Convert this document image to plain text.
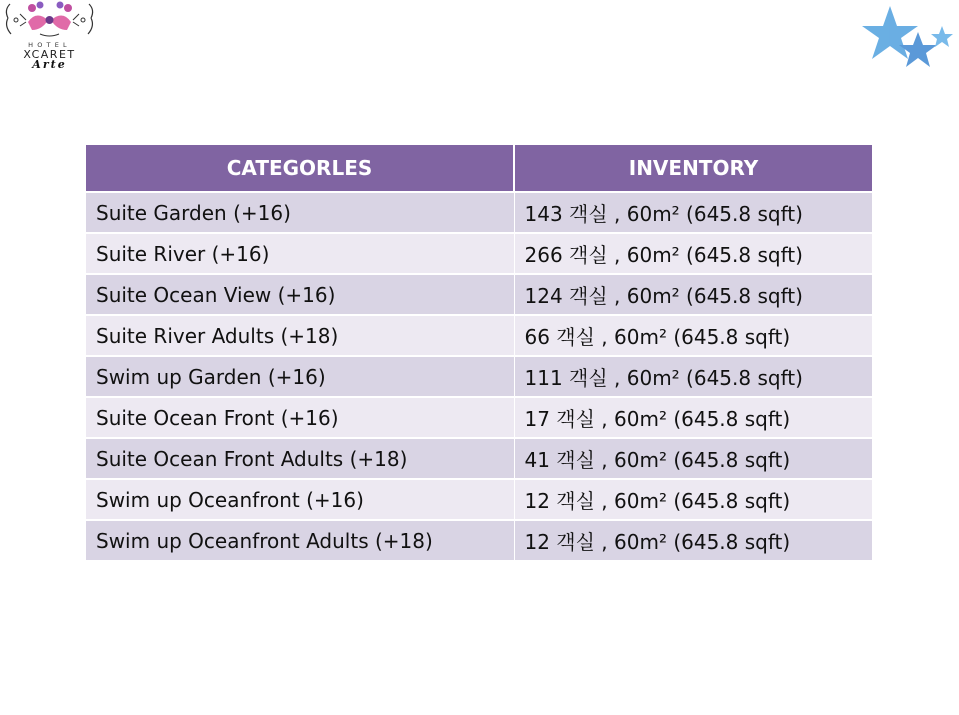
HOTEL
XCARET
Arte
CATEGORLES	INVENTORY
Suite Garden (+16)	143 객실 , 60m² (645.8 sqft)
Suite River (+16)	266 객실 , 60m² (645.8 sqft)
Suite Ocean View (+16)	124 객실 , 60m² (645.8 sqft)
Suite River Adults (+18)	66 객실 , 60m² (645.8 sqft)
Swim up Garden (+16)	111 객실 , 60m² (645.8 sqft)
Suite Ocean Front (+16)	17 객실 , 60m² (645.8 sqft)
Suite Ocean Front Adults (+18)	41 객실 , 60m² (645.8 sqft)
Swim up Oceanfront (+16)	12 객실 , 60m² (645.8 sqft)
Swim up Oceanfront Adults (+18)	12 객실 , 60m² (645.8 sqft)
